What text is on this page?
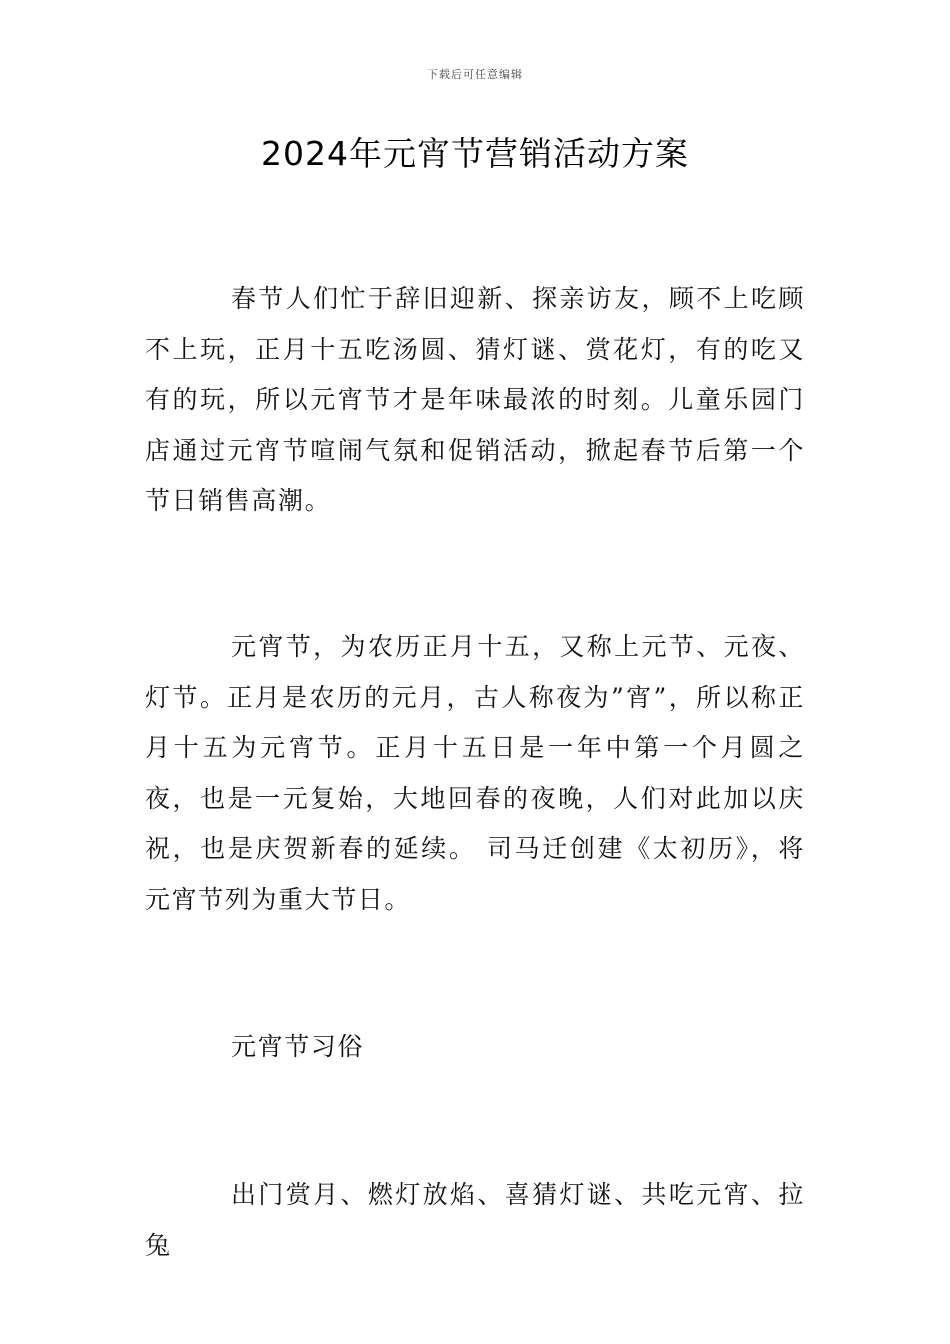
下载后可任意编辑
2024年元宵节营销活动方案

春节人们忙于辞旧迎新、探亲访友，顾不上吃顾不上玩，正月十五吃汤圆、猜灯谜、赏花灯，有的吃又有的玩，所以元宵节才是年味最浓的时刻。儿童乐园门店通过元宵节喧闹气氛和促销活动，掀起春节后第一个节日销售高潮。

元宵节，为农历正月十五，又称上元节、元夜、灯节。正月是农历的元月，古人称夜为”宵”，所以称正月十五为元宵节。正月十五日是一年中第一个月圆之夜，也是一元复始，大地回春的夜晚，人们对此加以庆祝，也是庆贺新春的延续。 司马迁创建《太初历》，将元宵节列为重大节日。

元宵节习俗

出门赏月、燃灯放焰、喜猜灯谜、共吃元宵、拉兔
